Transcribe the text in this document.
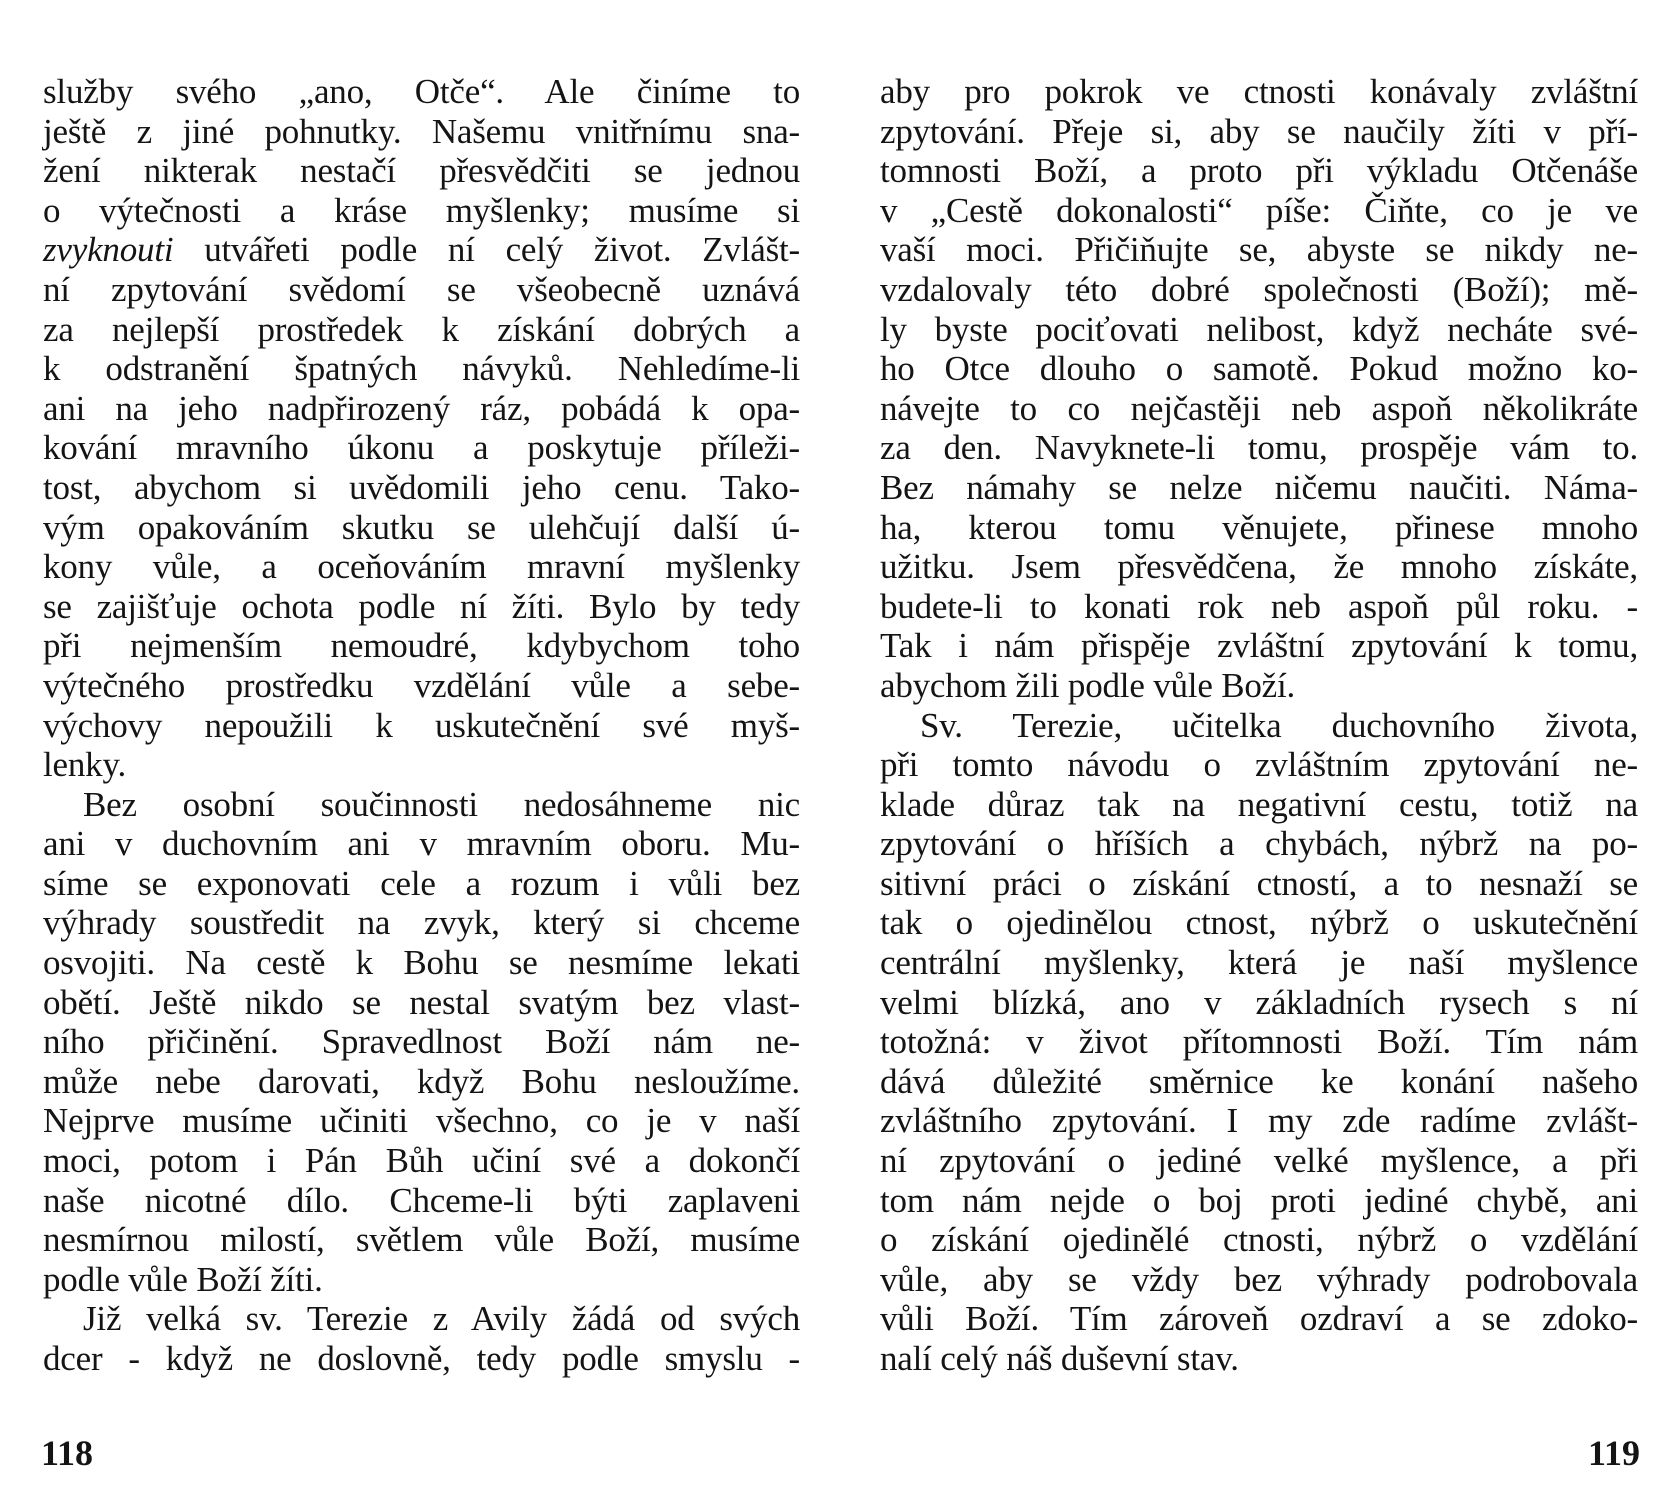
služby svého „ano, Otče“. Ale činíme to
ještě z jiné pohnutky. Našemu vnitřnímu sna-
žení nikterak nestačí přesvědčiti se jednou
o výtečnosti a kráse myšlenky; musíme si
zvyknouti utvářeti podle ní celý život. Zvlášt-
ní zpytování svědomí se všeobecně uznává
za nejlepší prostředek k získání dobrých a
k odstranění špatných návyků. Nehledíme-li
ani na jeho nadpřirozený ráz, pobádá k opa-
kování mravního úkonu a poskytuje příleži-
tost, abychom si uvědomili jeho cenu. Tako-
vým opakováním skutku se ulehčují další ú-
kony vůle, a oceňováním mravní myšlenky
se zajišťuje ochota podle ní žíti. Bylo by tedy
při nejmenším nemoudré, kdybychom toho
výtečného prostředku vzdělání vůle a sebe-
výchovy nepoužili k uskutečnění své myš-
lenky.
Bez osobní součinnosti nedosáhneme nic
ani v duchovním ani v mravním oboru. Mu-
síme se exponovati cele a rozum i vůli bez
výhrady soustředit na zvyk, který si chceme
osvojiti. Na cestě k Bohu se nesmíme lekati
obětí. Ještě nikdo se nestal svatým bez vlast-
ního přičinění. Spravedlnost Boží nám ne-
může nebe darovati, když Bohu nesloužíme.
Nejprve musíme učiniti všechno, co je v naší
moci, potom i Pán Bůh učiní své a dokončí
naše nicotné dílo. Chceme-li býti zaplaveni
nesmírnou milostí, světlem vůle Boží, musíme
podle vůle Boží žíti.
Již velká sv. Terezie z Avily žádá od svých
dcer - když ne doslovně, tedy podle smyslu -
aby pro pokrok ve ctnosti konávaly zvláštní
zpytování. Přeje si, aby se naučily žíti v pří-
tomnosti Boží, a proto při výkladu Otčenáše
v „Cestě dokonalosti“ píše: Čiňte, co je ve
vaší moci. Přičiňujte se, abyste se nikdy ne-
vzdalovaly této dobré společnosti (Boží); mě-
ly byste pociťovati nelibost, když necháte své-
ho Otce dlouho o samotě. Pokud možno ko-
návejte to co nejčastěji neb aspoň několikráte
za den. Navyknete-li tomu, prospěje vám to.
Bez námahy se nelze ničemu naučiti. Náma-
ha, kterou tomu věnujete, přinese mnoho
užitku. Jsem přesvědčena, že mnoho získáte,
budete-li to konati rok neb aspoň půl roku. -
Tak i nám přispěje zvláštní zpytování k tomu,
abychom žili podle vůle Boží.
Sv. Terezie, učitelka duchovního života,
při tomto návodu o zvláštním zpytování ne-
klade důraz tak na negativní cestu, totiž na
zpytování o hříších a chybách, nýbrž na po-
sitivní práci o získání ctností, a to nesnaží se
tak o ojedinělou ctnost, nýbrž o uskutečnění
centrální myšlenky, která je naší myšlence
velmi blízká, ano v základních rysech s ní
totožná: v život přítomnosti Boží. Tím nám
dává důležité směrnice ke konání našeho
zvláštního zpytování. I my zde radíme zvlášt-
ní zpytování o jediné velké myšlence, a při
tom nám nejde o boj proti jediné chybě, ani
o získání ojedinělé ctnosti, nýbrž o vzdělání
vůle, aby se vždy bez výhrady podrobovala
vůli Boží. Tím zároveň ozdraví a se zdoko-
nalí celý náš duševní stav.
118	119
